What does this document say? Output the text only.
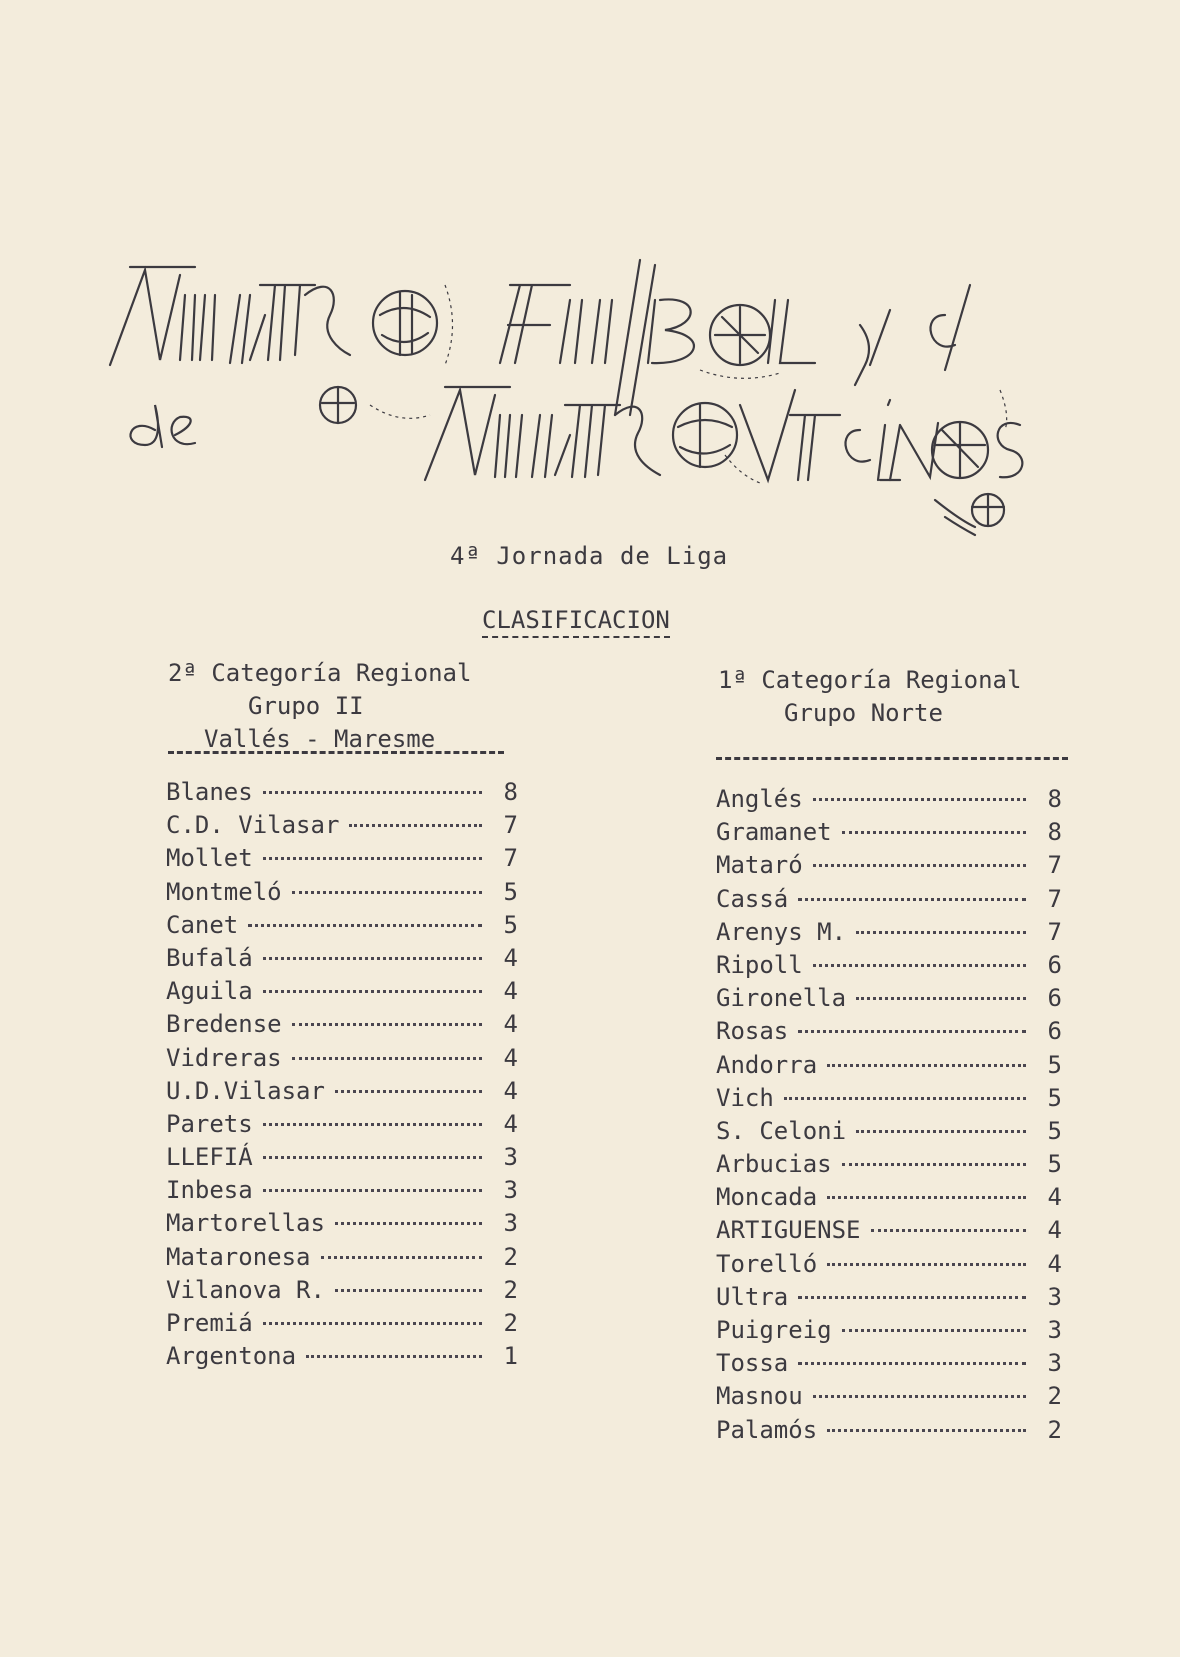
4ª Jornada de Liga
CLASIFICACION
2ª Categoría Regional
Grupo II
Vallés - Maresme
Blanes	8
C.D. Vilasar	7
Mollet	7
Montmeló	5
Canet	5
Bufalá	4
Aguila	4
Bredense	4
Vidreras	4
U.D.Vilasar	4
Parets	4
LLEFIÁ	3
Inbesa	3
Martorellas	3
Mataronesa	2
Vilanova R.	2
Premiá	2
Argentona	1
1ª Categoría Regional
Grupo Norte
Anglés	8
Gramanet	8
Mataró	7
Cassá	7
Arenys M.	7
Ripoll	6
Gironella	6
Rosas	6
Andorra	5
Vich	5
S. Celoni	5
Arbucias	5
Moncada	4
ARTIGUENSE	4
Torelló	4
Ultra	3
Puigreig	3
Tossa	3
Masnou	2
Palamós	2
